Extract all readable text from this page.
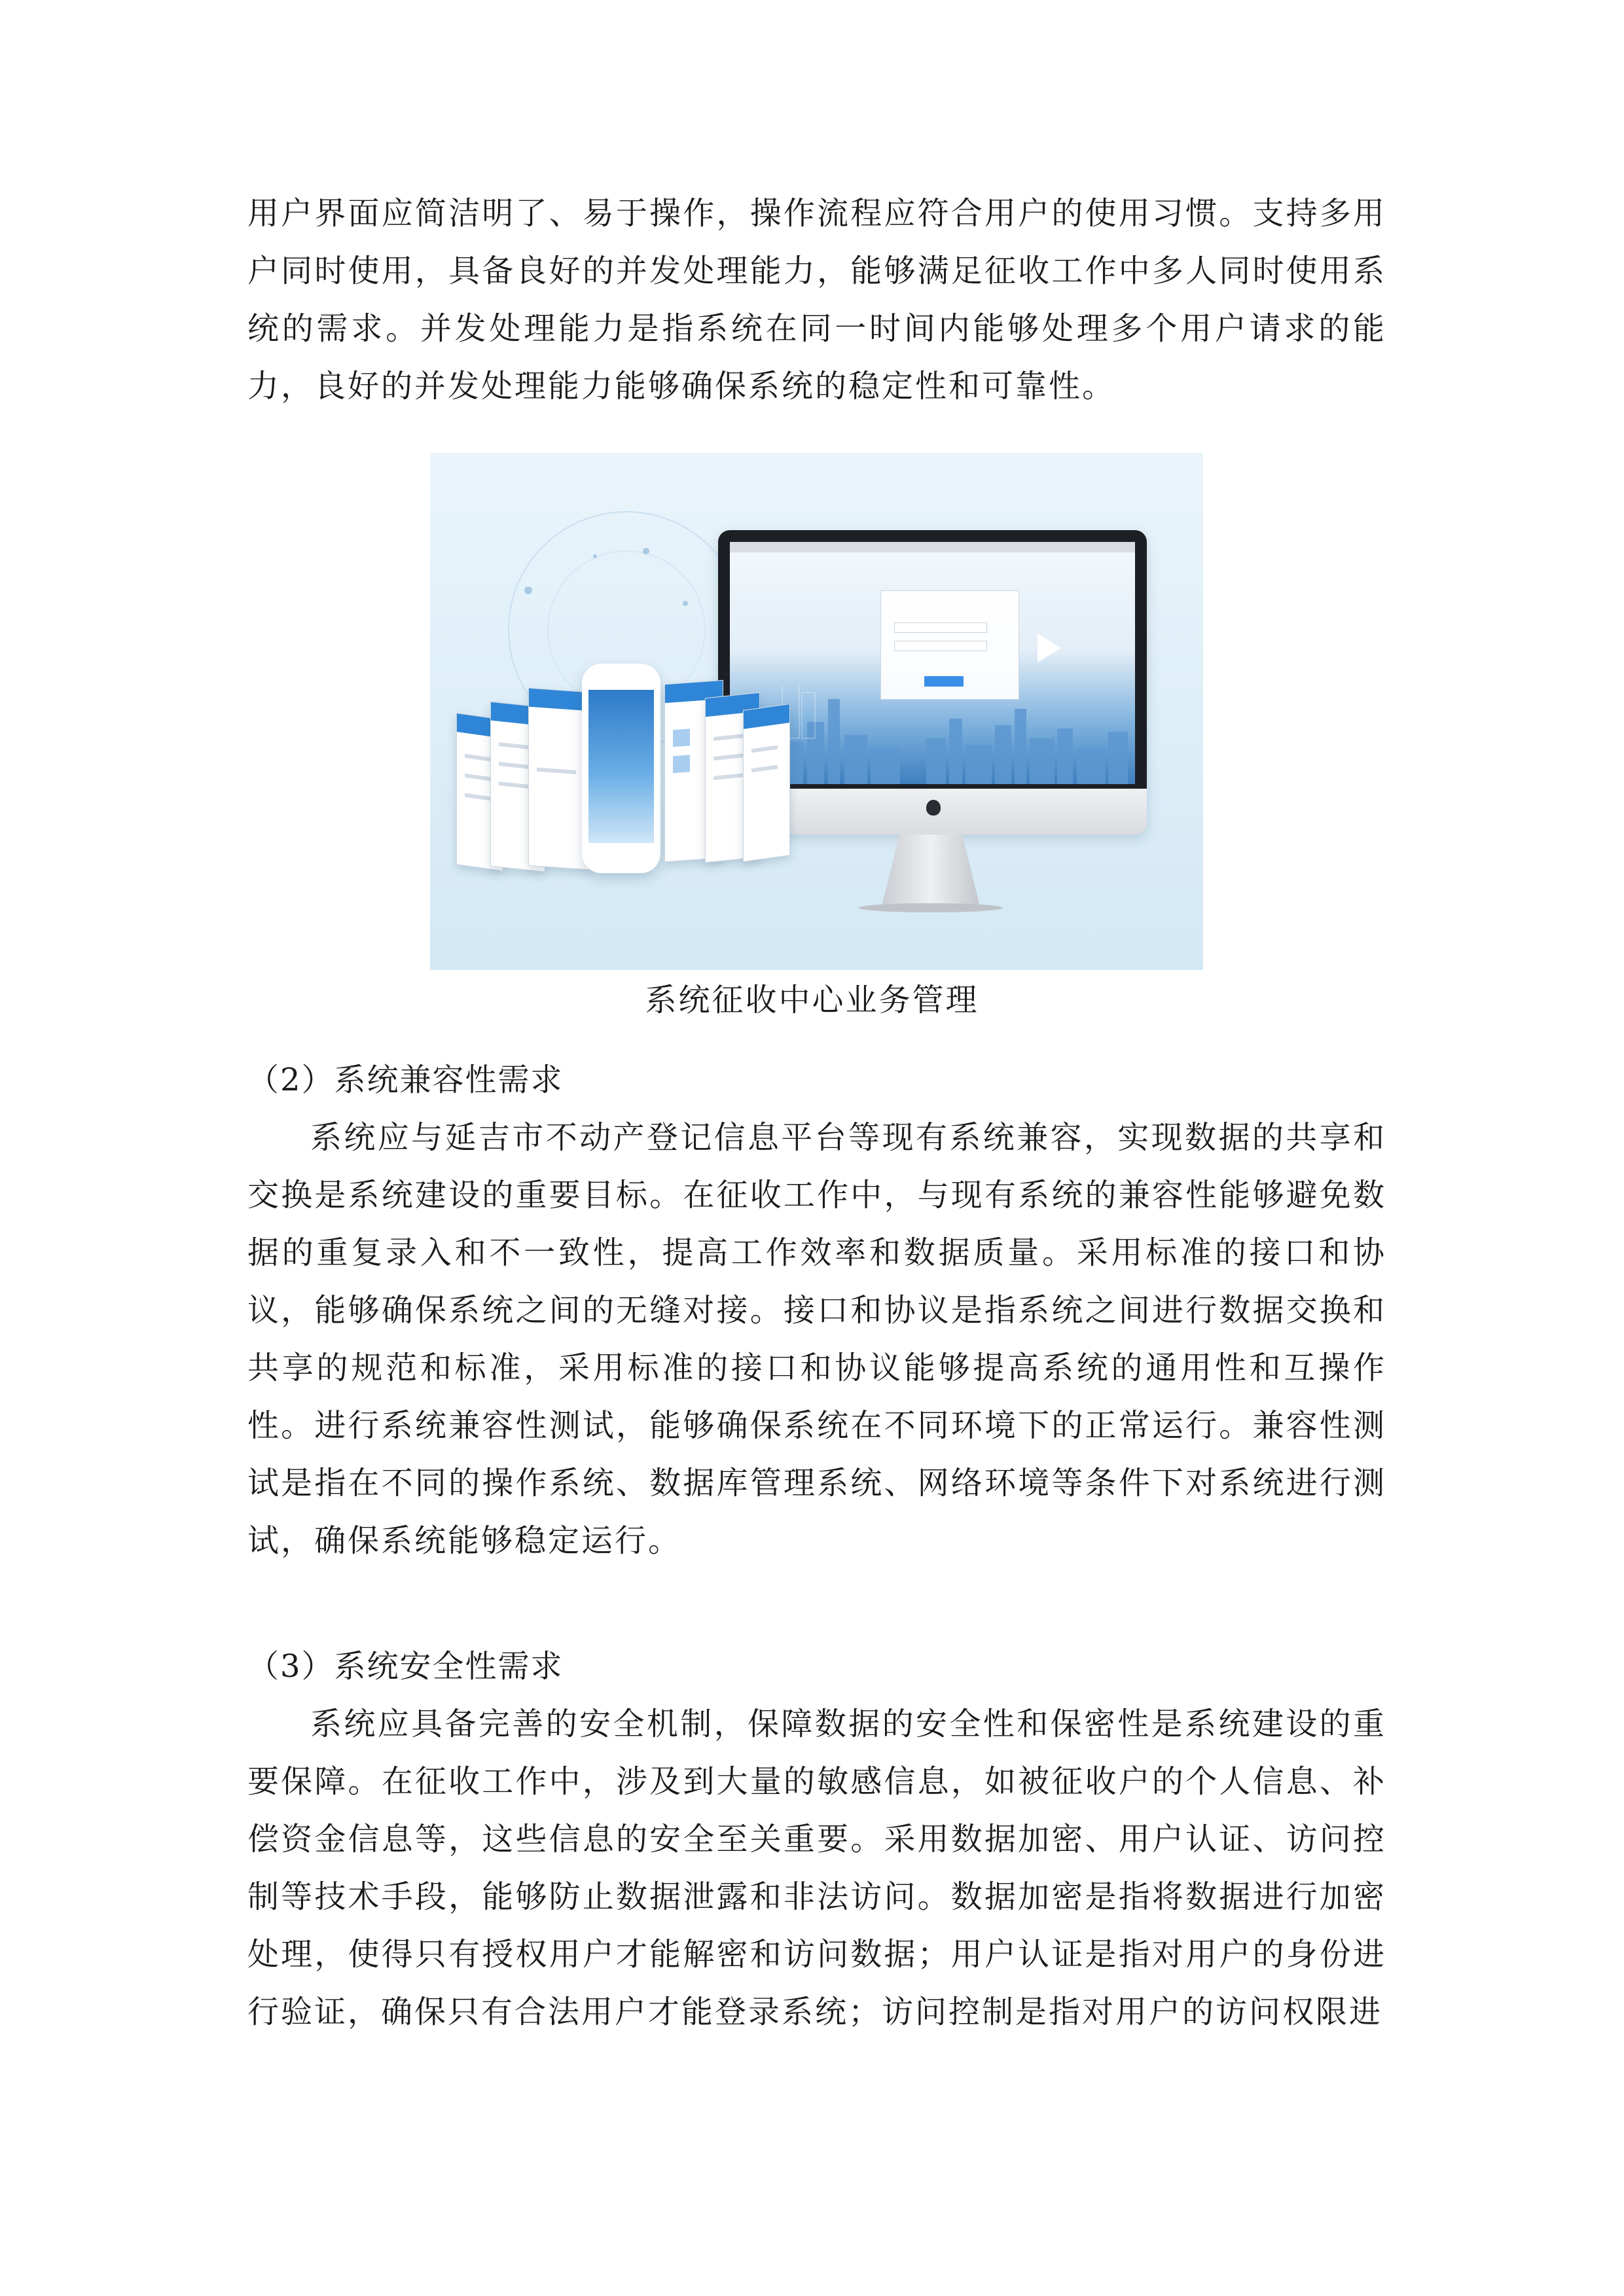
用户界面应简洁明了、易于操作，操作流程应符合用户的使用习惯。支持多用户同时使用，具备良好的并发处理能力，能够满足征收工作中多人同时使用系统的需求。并发处理能力是指系统在同一时间内能够处理多个用户请求的能力，良好的并发处理能力能够确保系统的稳定性和可靠性。

系统征收中心业务管理

（2）系统兼容性需求

系统应与延吉市不动产登记信息平台等现有系统兼容，实现数据的共享和交换是系统建设的重要目标。在征收工作中，与现有系统的兼容性能够避免数据的重复录入和不一致性，提高工作效率和数据质量。采用标准的接口和协议，能够确保系统之间的无缝对接。接口和协议是指系统之间进行数据交换和共享的规范和标准，采用标准的接口和协议能够提高系统的通用性和互操作性。进行系统兼容性测试，能够确保系统在不同环境下的正常运行。兼容性测试是指在不同的操作系统、数据库管理系统、网络环境等条件下对系统进行测试，确保系统能够稳定运行。

（3）系统安全性需求

系统应具备完善的安全机制，保障数据的安全性和保密性是系统建设的重要保障。在征收工作中，涉及到大量的敏感信息，如被征收户的个人信息、补偿资金信息等，这些信息的安全至关重要。采用数据加密、用户认证、访问控制等技术手段，能够防止数据泄露和非法访问。数据加密是指将数据进行加密处理，使得只有授权用户才能解密和访问数据；用户认证是指对用户的身份进行验证，确保只有合法用户才能登录系统；访问控制是指对用户的访问权限进
